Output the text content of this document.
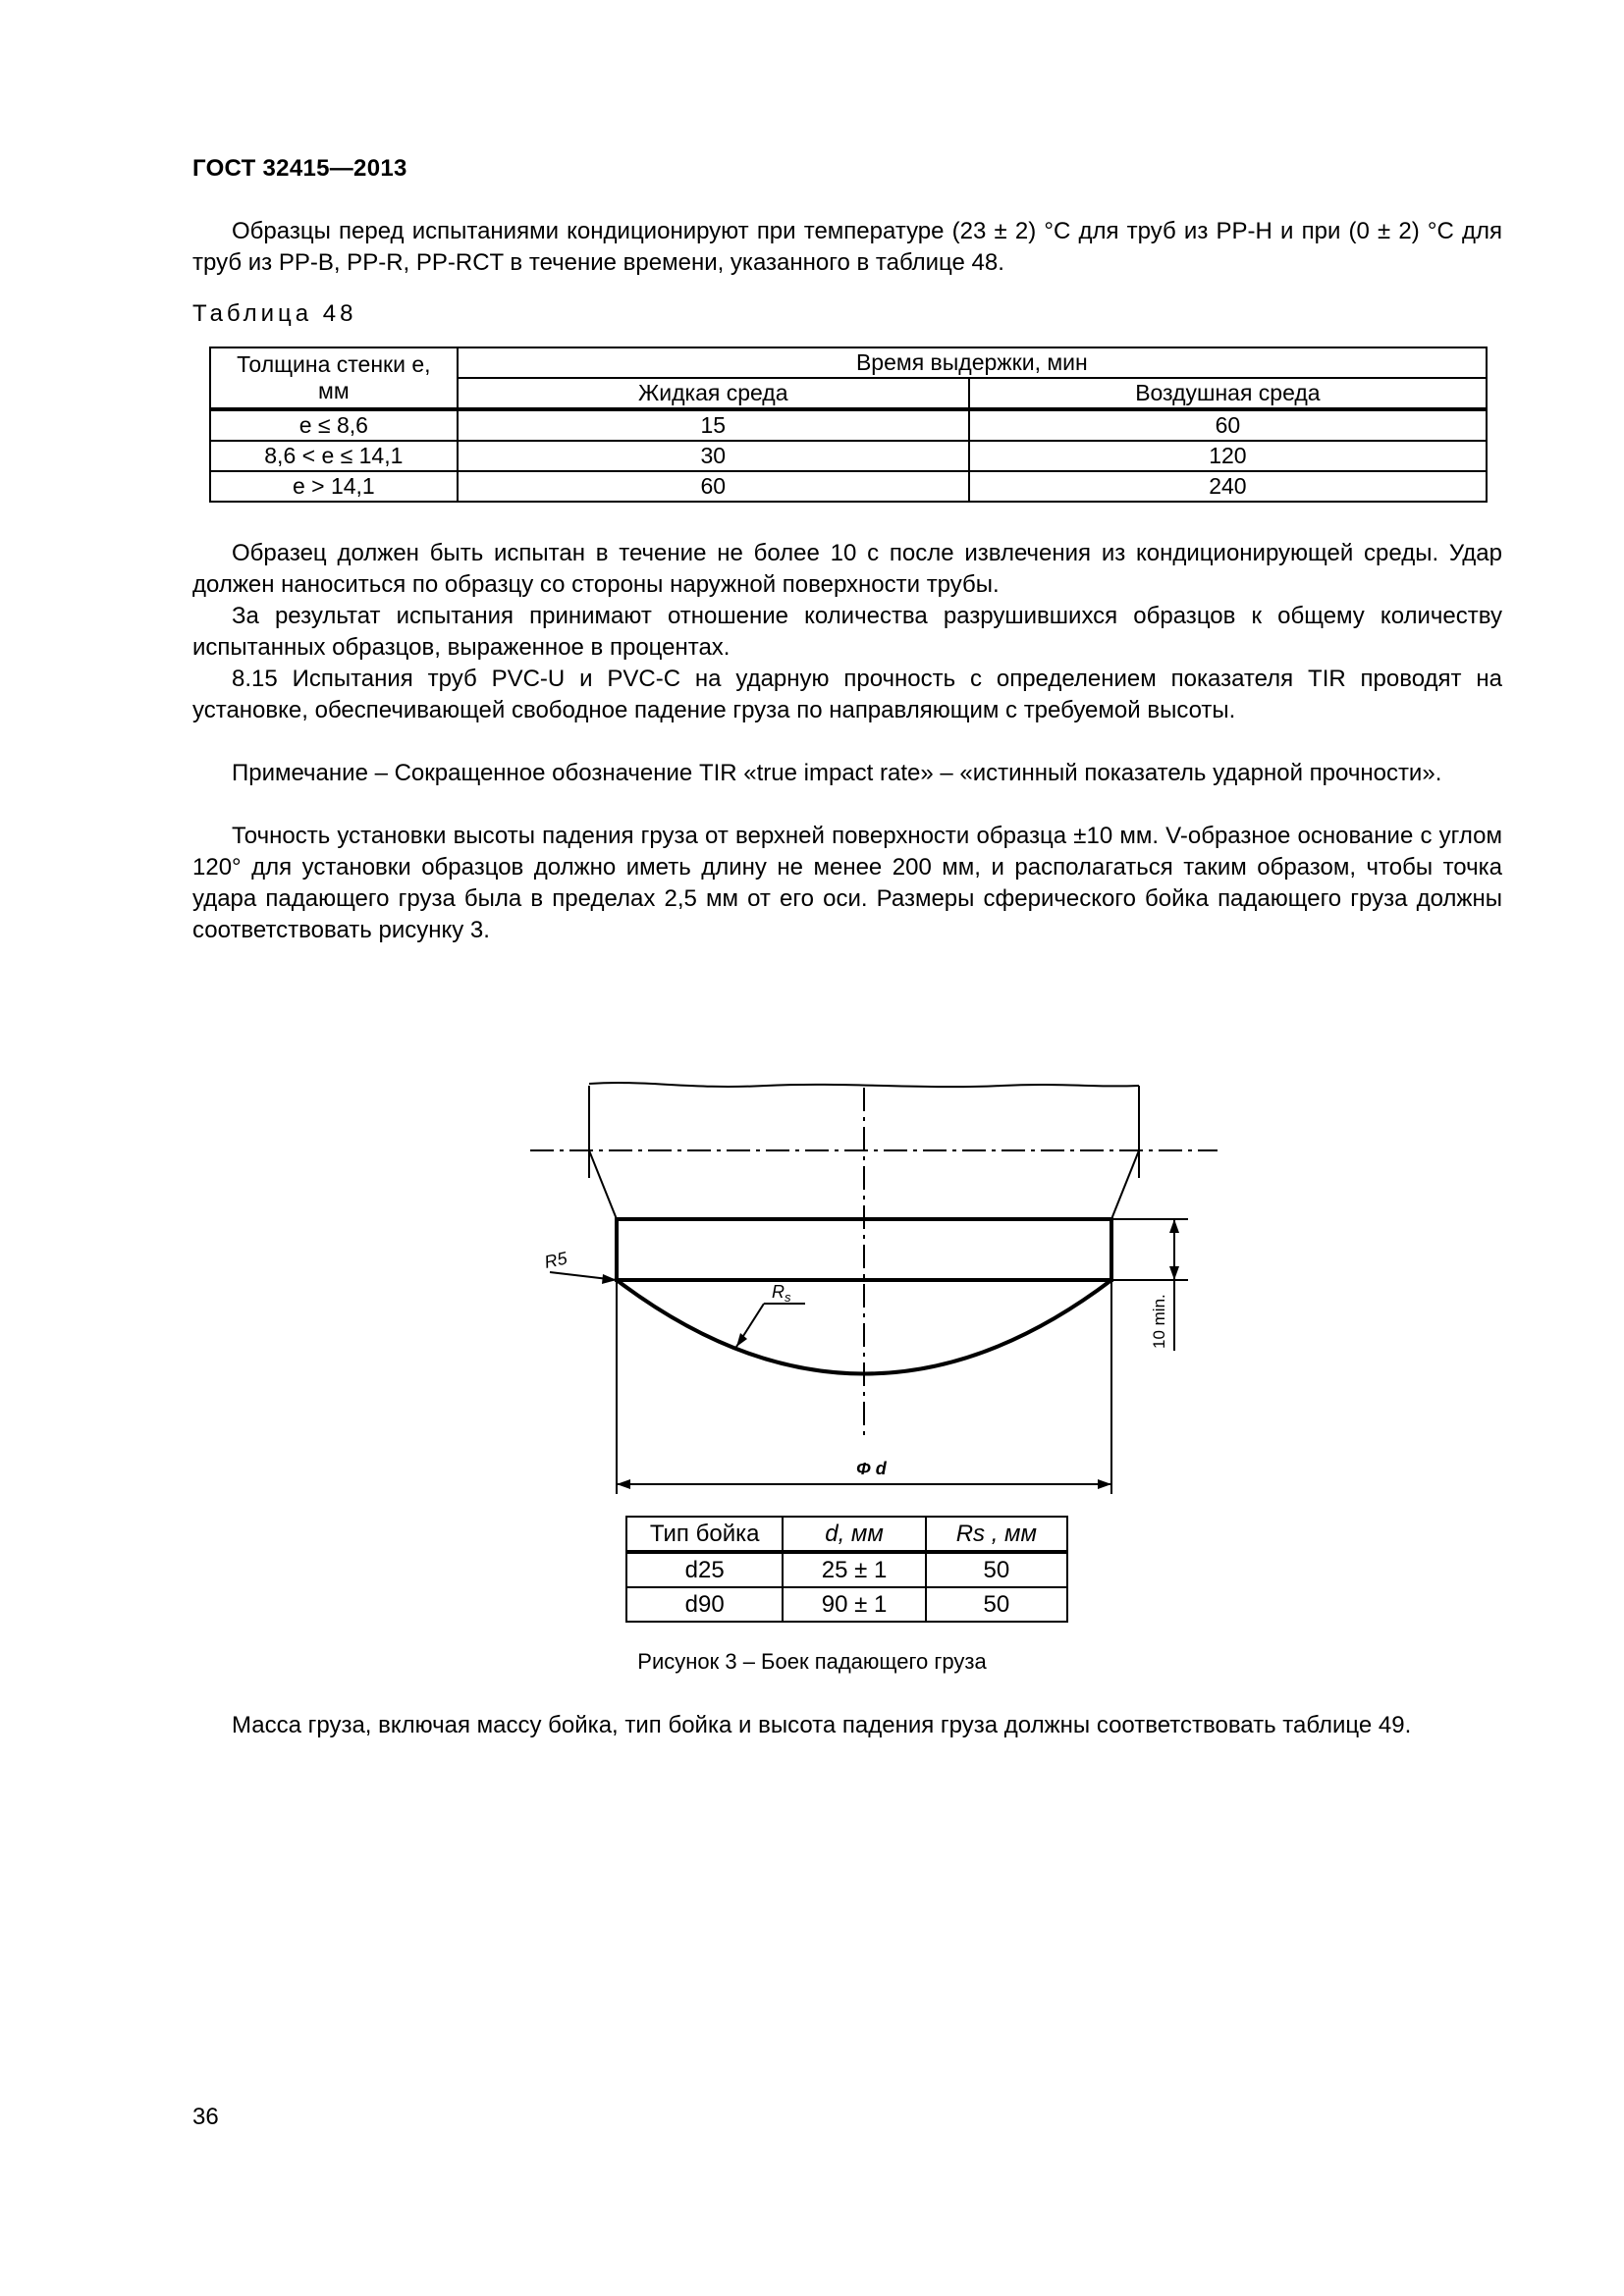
ГОСТ 32415—2013

Образцы перед испытаниями кондиционируют при температуре (23 ± 2) °С для труб из PP-H и при (0 ± 2) °С для труб из PP-B, PP-R, PP-RCT в течение времени, указанного в таблице 48.

Таблица 48
Толщина стенки е,
мм	Время выдержки, мин	
	Жидкая среда	Воздушная среда
е ≤ 8,6	15	60
8,6 < е ≤ 14,1	30	120
е > 14,1	60	240

Образец должен быть испытан в течение не более 10 с после извлечения из кондиционирующей среды. Удар должен наноситься по образцу со стороны наружной поверхности трубы.

За результат испытания принимают отношение количества разрушившихся образцов к общему количеству испытанных образцов, выраженное в процентах.

8.15 Испытания труб PVC-U и PVC-C на ударную прочность с определением показателя TIR проводят на установке, обеспечивающей свободное падение груза по направляющим с требуемой высоты.

Примечание – Сокращенное обозначение TIR «true impact rate» – «истинный показатель ударной прочности».

Точность установки высоты падения груза от верхней поверхности образца ±10 мм. V-образное основание с углом 120° для установки образцов должно иметь длину не менее 200 мм, и располагаться таким образом, чтобы точка удара падающего груза была в пределах 2,5 мм от его оси. Размеры сферического бойка падающего груза должны соответствовать рисунку 3.

R5
$R_s$
Φ d
10 min.
Тип бойка	d, мм	Rs , мм
d25	25 ± 1	50
d90	90 ± 1	50
Рисунок 3 – Боек падающего груза

Масса груза, включая массу бойка, тип бойка и высота падения груза должны соответствовать таблице 49.

36
